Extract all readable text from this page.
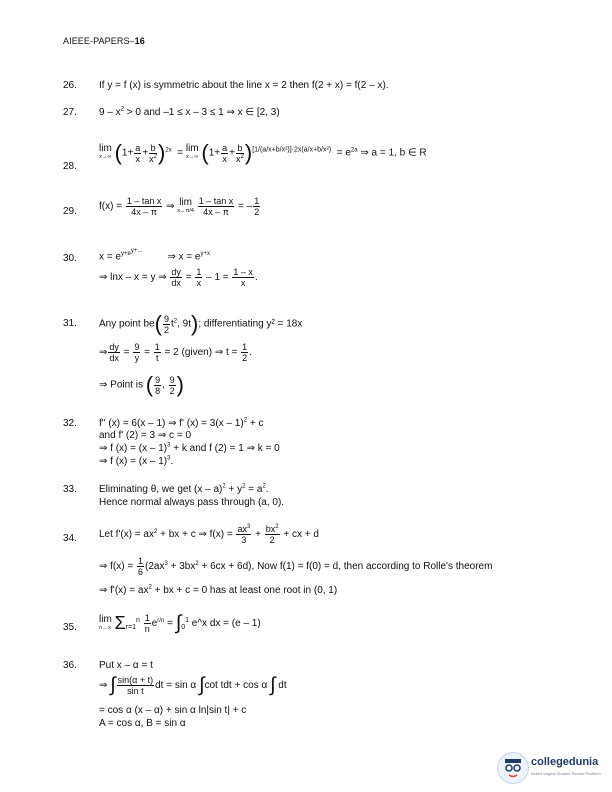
AIEEE-PAPERS–16
26. If y = f (x) is symmetric about the line x = 2 then f(2 + x) = f(2 – x).
27. $9 - x^2 > 0$ and –1 ≤ x – 3 ≤ 1 ⇒ x ∈ [2, 3)
28.
lim
x→∞ $(1+ \frac{a}{x} + \frac{b}{x^2} )^{2x} = \lim$
x→∞ $(1+ \frac{a}{x} + \frac{b}{x^2} )^{[1/(a/x+b/x^2)]\cdot 2x(a/x+b/x^2)} = e^{2a}$ ⇒ a = 1, b ∈ R
29. $f(x) = \frac{\text{1 – tan x}}{4x - \pi}$ ⇒ lim
x→π/4
$\frac{\text{1 – tan x}}{4x - \pi}$ = – $\frac{1}{2}$
30. $x = e^{y+e^{y+...}}$         ⇒ $x = e^{y+x}$
⇒ lnx – x = y ⇒ $\frac{dy}{dx} = \frac{1}{x} - 1 = \frac{1 - x}{x}$ .
31. Any point $be( \frac{9}{2} t^2$, 9t); differentiating y² = 18x
⇒ $\frac{dy}{dx} = \frac{9}{y} = \frac{1}{t} = 2$ (given) ⇒ $t = \frac{1}{2}$ .
⇒ Point is ( $\frac{9}{8}$ , $\frac{9}{2}$ )
32. f'' (x) = 6(x – 1) ⇒ f' (x) = 3(x – 1)$^2$ + c
and f' (2) = 3 ⇒ c = 0
⇒ f (x) = (x – 1)$^3$ + k and f (2) = 1 ⇒ k = 0
⇒ f (x) = (x – 1)$^3$.
33. Eliminating θ, we get $(x - a)^2 + y^2 = a^2$.
Hence normal always pass through (a, 0).
34. Let $f'(x) = ax^2$ + bx + c ⇒ $f(x) = \frac{ax^3}{3} + \frac{bx^2}{2}$ + cx + d
⇒ $f(x) = \frac{1}{6} (2ax^3 + 3bx^2 + 6cx + 6d)$, Now f(1) = f(0) = d, then according to Rolle's theorem
⇒ $f'(x) = ax^2$ + bx + c = 0 has at least one root in (0, 1)
35.
lim
n→∞ $\Sigma_{r=1}^n \frac{1}{n} e^{r/n} = \int_0^1$ e^x dx = (e – 1)
36. Put x – α = t
⇒ ∫ $\frac{\sin(\alpha + t)}{\text{sin t}}$ dt = sin α ∫cot tdt + cos α ∫ dt
= cos α (x – α) + sin α ln|sin t| + c
A = cos α, B = sin α
collegedunia
India's largest Student Review Platform
